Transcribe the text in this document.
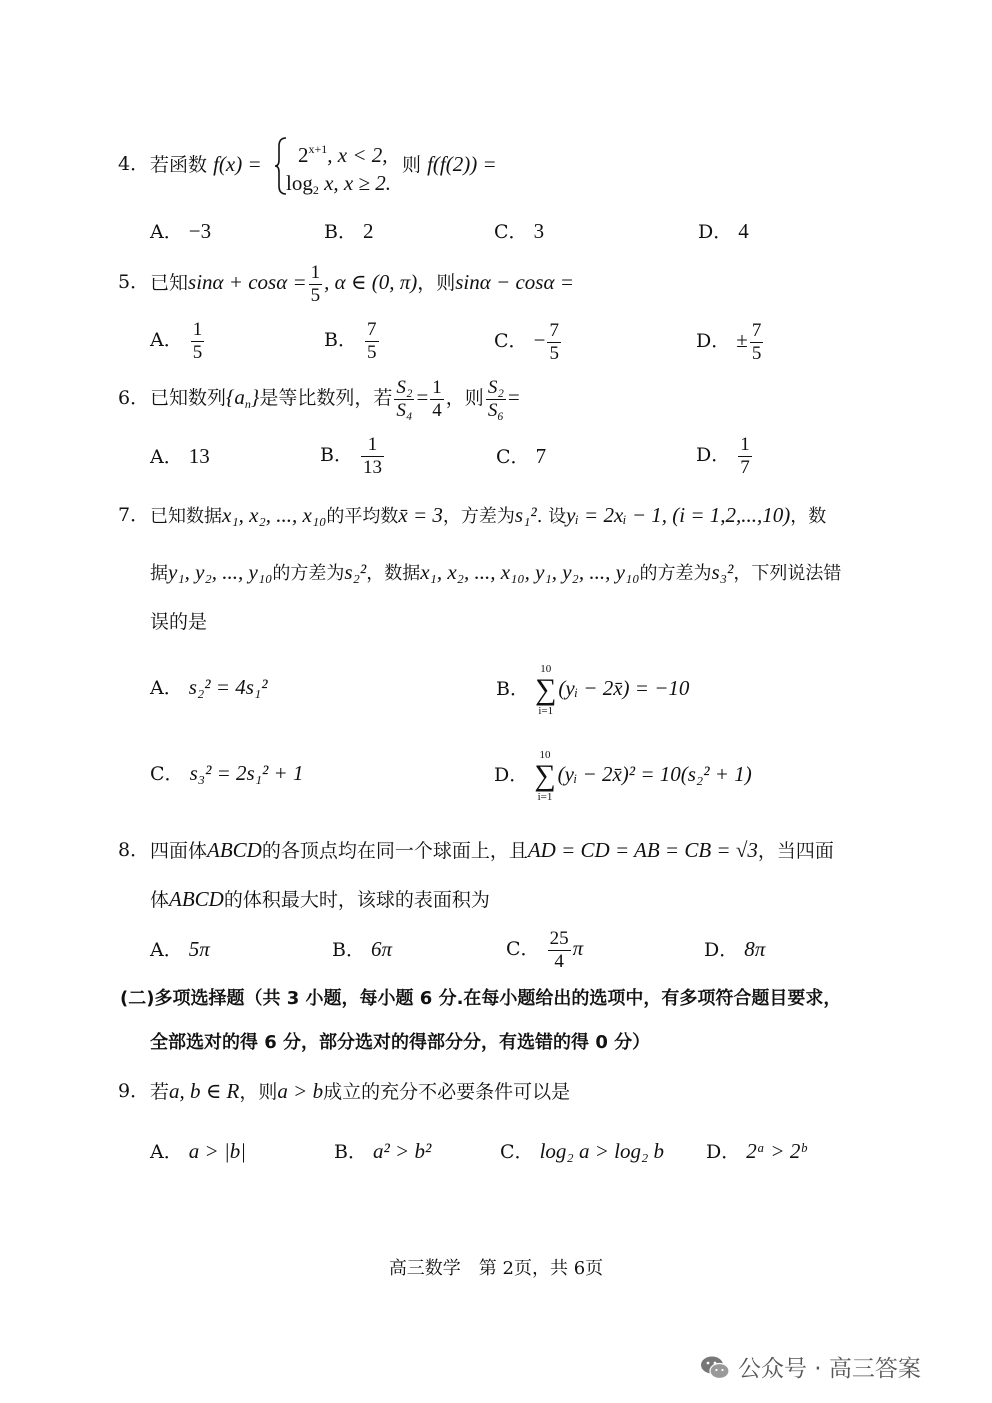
4． 若函数 $f(x) = 2^{x+1}$, x < 2,
$\log_2 x$, x ≥ 2.
则 f(f(2)) =
A． −3	B． 2	C． 3	D． 4
5． 已知$\sin\alpha + \cos\alpha = \frac{1}{5}$ , α ∈ (0, π)，则sinα − cosα =
A． $\frac{1}{5}$	B． $\frac{7}{5}$	C． − $\frac{7}{5}$	D． ± $\frac{7}{5}$
6． 已知数列$\{a_n\}$是等比数列，若 $\frac{\text{S₂}}{\text{S₄}} = \frac{1}{4}$ ，则 $\frac{\text{S₂}}{\text{S₆}}$ =
A． 13	B． $\frac{1}{13}$	C． 7	D． $\frac{1}{7}$
7． 已知数据x₁, x₂, ..., x₁₀的平均数x̄ = 3，方差为s₁². 设yᵢ = 2xᵢ − 1, (i = 1,2,...,10)，数
据y₁, y₂, ..., y₁₀的方差为s₂²，数据x₁, x₂, ..., x₁₀, y₁, y₂, ..., y₁₀的方差为s₃²，下列说法错
误的是
A． s₂² = 4s₁²	B．
10
∑
i=1
(yᵢ − 2x̄) = −10
C． s₃² = 2s₁² + 1	D．
10
∑
i=1
(yᵢ − 2x̄)² = 10(s₂² + 1)
8． 四面体ABCD的各顶点均在同一个球面上，且AD = CD = AB = CB = √3，当四面
体ABCD的体积最大时，该球的表面积为
A． 5π	B． 6π	C． $\frac{25}{4}$ π	D． 8π
(二)多项选择题（共 3 小题，每小题 6 分.在每小题给出的选项中，有多项符合题目要求，
全部选对的得 6 分，部分选对的得部分分，有选错的得 0 分）
9． 若a, b ∈ R，则a > b成立的充分不必要条件可以是
A． a > |b|	B． a² > b²	C． log₂ a > log₂ b D． 2ᵃ > 2ᵇ
高三数学　第 2页，共 6页
公众号 · 高三答案
